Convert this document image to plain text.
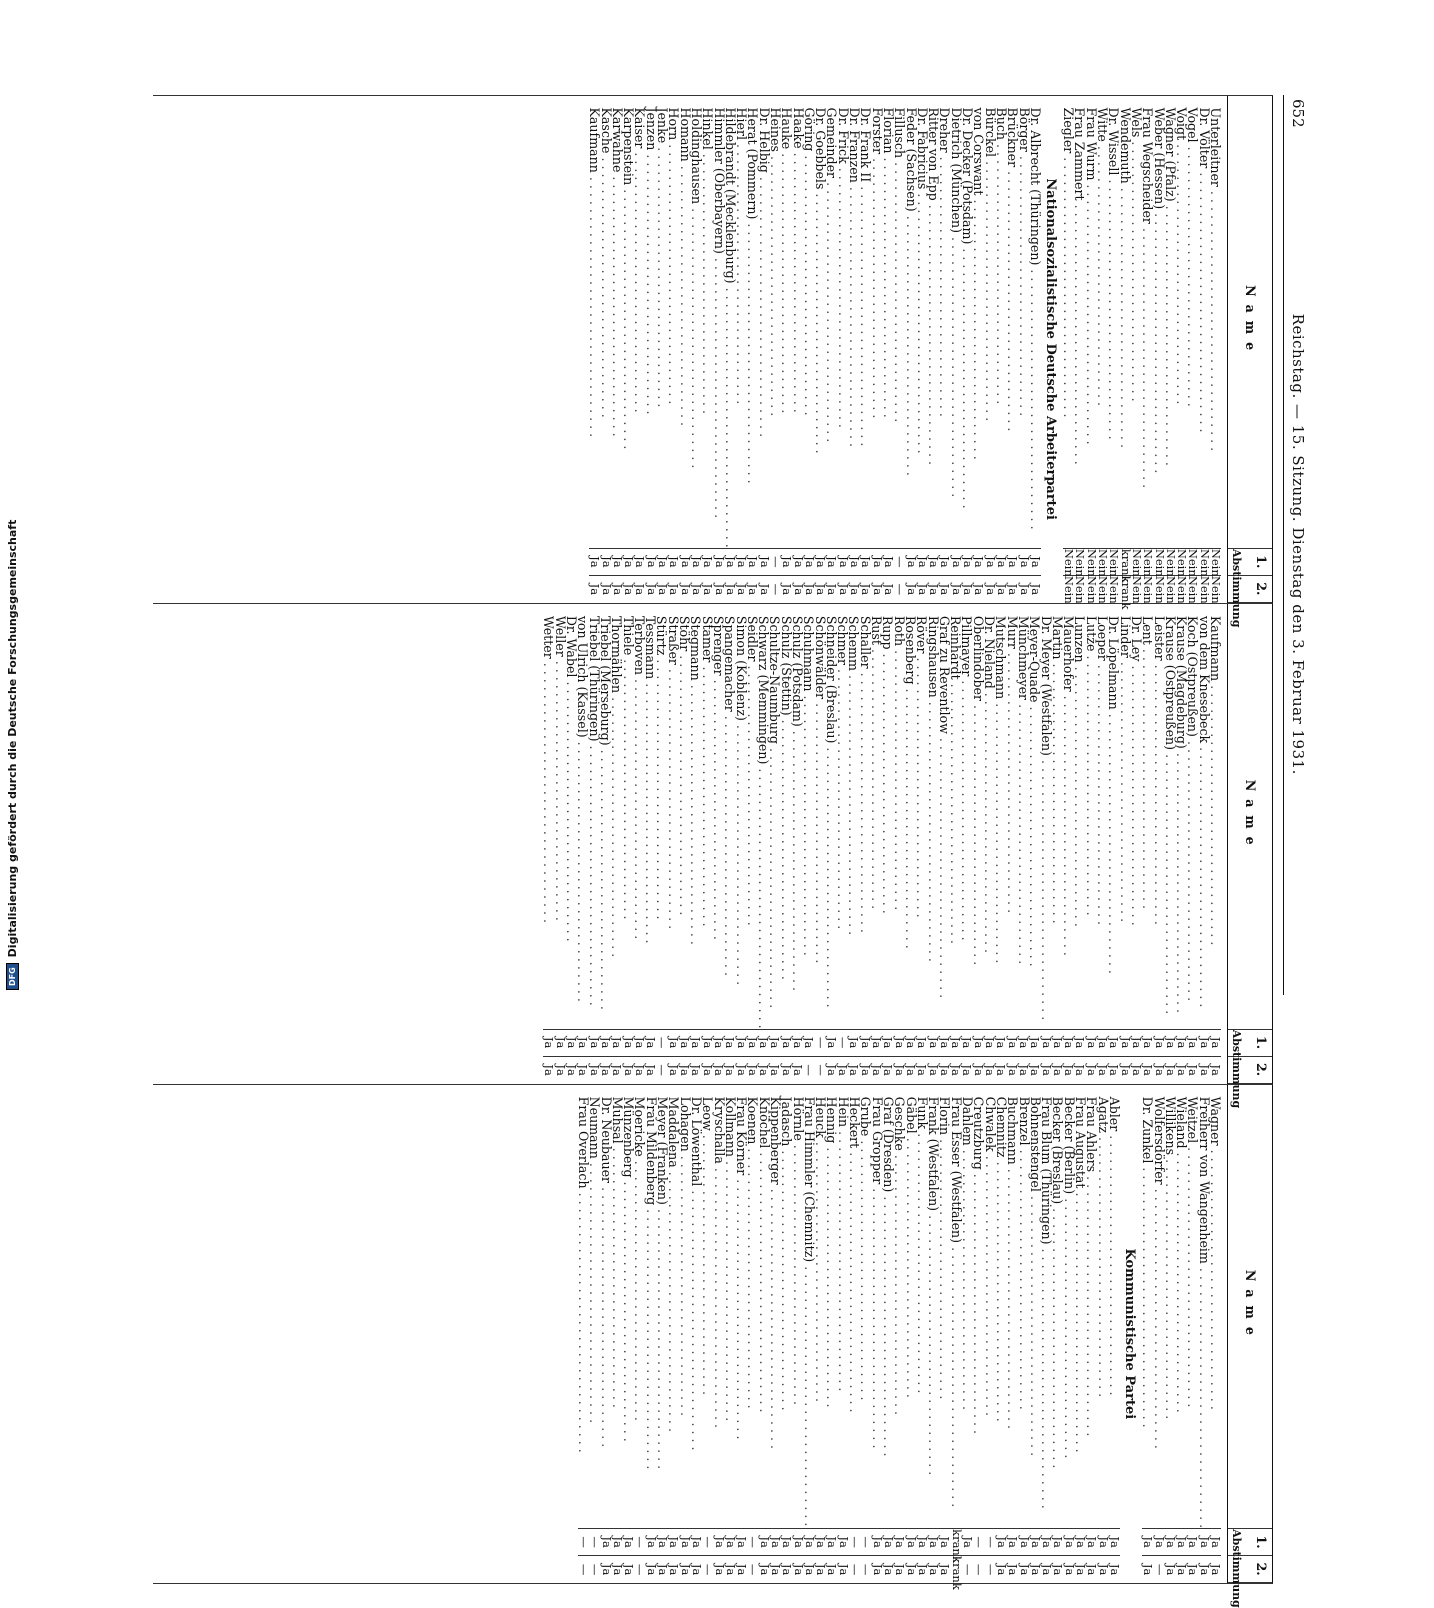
DFG
Digitalisierung gefördert durch die Deutsche Forschungsgemeinschaft
652
Reichstag. — 15. Sitzung. Dienstag den 3. Februar 1931.
Name
1.
2.
Abstimmung
Unterleitner . . .
Nein
Nein
Dr. Völter . . .
Nein
Nein
Vogel . . .
Nein
Nein
Voigt . . .
Nein
Nein
Wagner (Pfalz) . . .
Nein
Nein
Weber (Hessen) . . .
Nein
Nein
Frau Wegscheider . . .
Nein
Nein
Wels . . .
Nein
Nein
Wendemuth . . .
krank
krank
Dr. Wissell . . .
Nein
Nein
Witte . . .
Nein
Nein
Frau Wurm . . .
Nein
Nein
Frau Zammert . . .
Nein
Nein
Ziegler . . .
Nein
Nein
Nationalsozialistische Deutsche Arbeiterpartei
Dr. Albrecht (Thüringen) . . .
Ja
Ja
Börger . . .
Ja
Ja
Brückner . . .
Ja
Ja
Buch . . .
Ja
Ja
Bürckel . . .
Ja
Ja
von Corswant . . .
Ja
Ja
Dr. Decker (Potsdam) . . .
Ja
Ja
Dietrich (München) . . .
Ja
Ja
Dreher . . .
Ja
Ja
Ritter von Epp . . .
Ja
Ja
Dr. Fabricius . . .
Ja
Ja
Feder (Sachsen) . . .
Ja
Ja
Fillusch . . .
—
—
Florian . . .
Ja
Ja
Forster . . .
Ja
Ja
Dr. Frank II . . .
Ja
Ja
Dr. Franzen . . .
Ja
Ja
Dr. Frick . . .
Ja
Ja
Gemeinder . . .
Ja
Ja
Dr. Goebbels . . .
Ja
Ja
Göring . . .
Ja
Ja
Haake . . .
Ja
Ja
Hauke . . .
Ja
Ja
Heines . . .
—
—
Dr. Helbig . . .
Ja
Ja
Herat (Pommern) . . .
Ja
Ja
Hierl . . .
Ja
Ja
Hildebrandt (Mecklenburg) . . .
Ja
Ja
Himmler (Oberbayern) . . .
Ja
Ja
Hinkel . . .
Ja
Ja
Holdinghausen . . .
Ja
Ja
Homann . . .
Ja
Ja
Horn . . .
Ja
Ja
Jenke . . .
Ja
Ja
Jenzen . . .
Ja
Ja
Kaiser . . .
Ja
Ja
Karpenstein . . .
Ja
Ja
Karwahne . . .
Ja
Ja
Kasche . . .
Ja
Ja
Kaufmann . . .
Ja
Ja
Name
1.
2.
Abstimmung
Kaufmann . . .
Ja
Ja
von dem Knesebeck . . .
Ja
Ja
Koch (Ostpreußen) . . .
Ja
Ja
Krause (Magdeburg) . . .
Ja
Ja
Krause (Ostpreußen) . . .
Ja
Ja
Leister . . .
Ja
Ja
Lent . . .
Ja
Ja
Dr. Ley . . .
Ja
Ja
Linder . . .
Ja
Ja
Dr. Löpelmann . . .
Ja
Ja
Loeper . . .
Ja
Ja
Lutze . . .
Ja
Ja
Lunzen . . .
Ja
Ja
Mauerhofer . . .
Ja
Ja
Martin . . .
Ja
Ja
Dr. Meyer (Westfalen) . . .
Ja
Ja
Meyer-Quade . . .
Ja
Ja
Münchmeyer . . .
Ja
Ja
Murr . . .
Ja
Ja
Mutschmann . . .
Ja
Ja
Dr. Nieland . . .
Ja
Ja
Oberlindober . . .
Ja
Ja
Pillmayer . . .
Ja
Ja
Reinhardt . . .
Ja
Ja
Graf zu Reventlow . . .
Ja
Ja
Ringshausen . . .
Ja
Ja
Röver . . .
Ja
Ja
Rosenberg . . .
Ja
Ja
Roth . . .
Ja
Ja
Rupp . . .
Ja
Ja
Rust . . .
Ja
Ja
Schaller . . .
Ja
Ja
Schemm . . .
Ja
Ja
Schmer . . .
—
Ja
Schneider (Breslau) . . .
Ja
Ja
Schönwälder . . .
—
—
Schuhmann . . .
Ja
—
Schulz (Potsdam) . . .
Ja
Ja
Schulz (Stettin) . . .
Ja
Ja
Schultze-Naumburg . . .
Ja
Ja
Schwarz (Memmingen) . . .
Ja
Ja
Seidler . . .
Ja
Ja
Simon (Koblenz) . . .
Ja
Ja
Spangemacher . . .
Ja
Ja
Sprenger . . .
Ja
Ja
Stamer . . .
Ja
Ja
Stegmann . . .
Ja
Ja
Stöhr . . .
Ja
Ja
Straßer . . .
Ja
Ja
Stürtz . . .
—
—
Tessmann . . .
Ja
Ja
Terboven . . .
Ja
Ja
Thiele . . .
Ja
Ja
Thormählen . . .
Ja
Ja
Triebel (Merseburg) . . .
Ja
Ja
Triebel (Thüringen) . . .
Ja
Ja
von Ulrich (Kassel) . . .
Ja
Ja
Dr. Wabel . . .
Ja
Ja
Weller . . .
Ja
Ja
Wetter . . .
Ja
Ja
Name
1.
2.
Abstimmung
Wagner . . .
Ja
Ja
Freiherr von Wangenheim . . .
Ja
Ja
Weitzel . . .
Ja
Ja
Wieland . . .
Ja
Ja
Willikens . . .
Ja
Ja
Wolfersdörfer . . .
Ja
—
Dr. Zunkel . . .
Ja
Ja
Kommunistische Partei
Abler . . .
Ja
Ja
Agatz . . .
Ja
Ja
Frau Ahlers . . .
Ja
Ja
Frau Augustat . . .
Ja
Ja
Becker (Berlin) . . .
Ja
Ja
Becker (Breslau) . . .
Ja
Ja
Frau Blum (Thüringen) . . .
Ja
Ja
Bohnenstengel . . .
Ja
Ja
Brenzel . . .
Ja
Ja
Buchmann . . .
Ja
Ja
Chemnitz . . .
Ja
Ja
Chwalek . . .
—
—
Creutzburg . . .
—
—
Dahlem . . .
Ja
—
Frau Esser (Westfalen) . . .
krank
krank
Florin . . .
Ja
Ja
Frank (Westfalen) . . .
Ja
Ja
Funk . . .
Ja
Ja
Gäbel . . .
Ja
Ja
Geschke . . .
Ja
Ja
Graf (Dresden) . . .
Ja
Ja
Frau Gropper . . .
Ja
Ja
Grube . . .
—
—
Heckert . . .
—
—
Hein . . .
Ja
Ja
Hennig . . .
Ja
Ja
Heuck . . .
Ja
Ja
Frau Himmler (Chemnitz) . . .
Ja
Ja
Hörnle . . .
Ja
Ja
Jadasch . . .
Ja
Ja
Kippenberger . . .
Ja
Ja
Knöchel . . .
Ja
Ja
Koenen . . .
—
—
Frau Körner . . .
Ja
Ja
Kollmann . . .
Ja
Ja
Kryschalla . . .
Ja
Ja
Leow . . .
—
—
Dr. Löwenthal . . .
Ja
Ja
Lohagen . . .
Ja
Ja
Maddalena . . .
Ja
Ja
Meyer (Franken) . . .
Ja
Ja
Frau Mildenberg . . .
Ja
Ja
Moericke . . .
—
—
Münzenberg . . .
Ja
Ja
Muhsal . . .
Ja
Ja
Dr. Neubauer . . .
Ja
Ja
Neumann . . .
—
—
Frau Overlach . . .
—
—
